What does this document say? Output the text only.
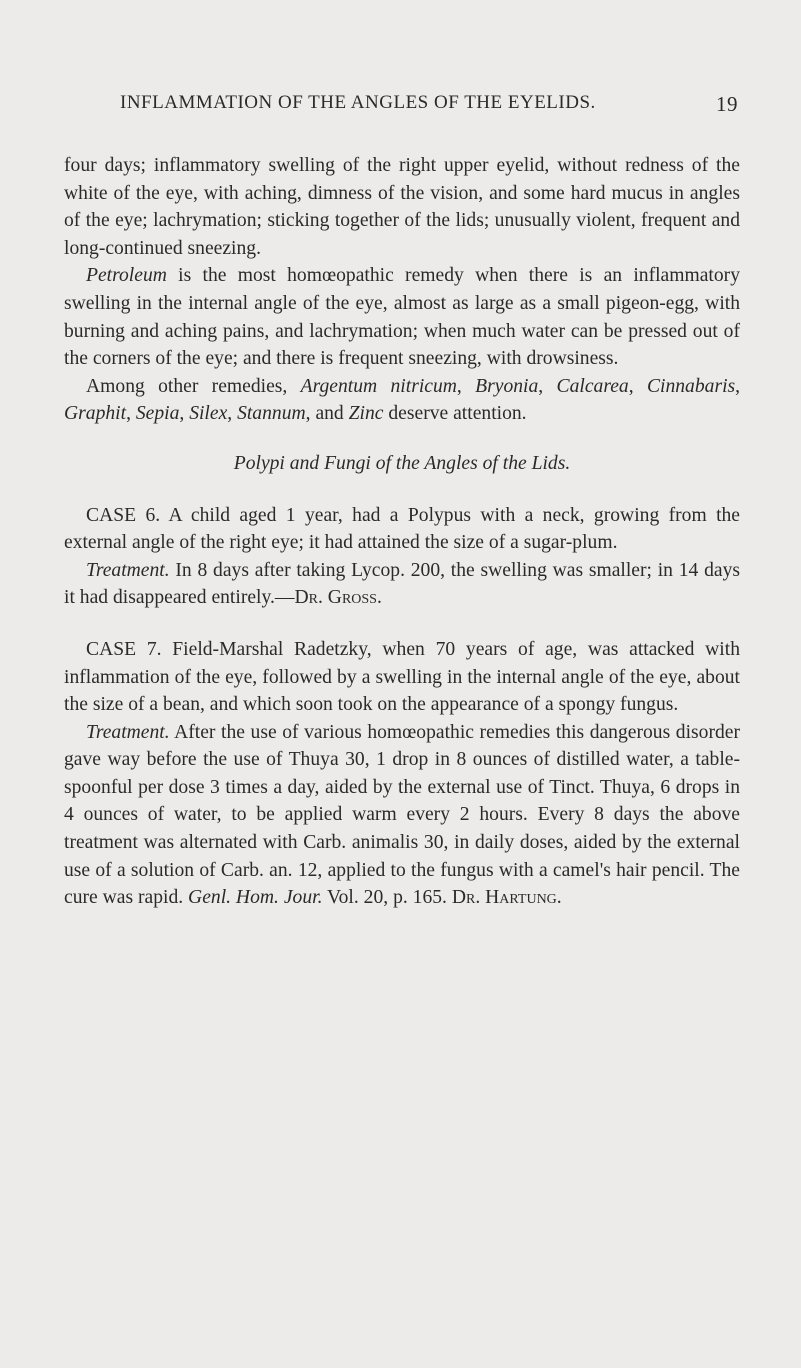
INFLAMMATION OF THE ANGLES OF THE EYELIDS.	19

four days; inflammatory swelling of the right upper eyelid, without redness of the white of the eye, with aching, dimness of the vision, and some hard mucus in angles of the eye; lachrymation; sticking together of the lids; unusually violent, frequent and long-continued sneezing.

Petroleum is the most homœopathic remedy when there is an inflammatory swelling in the internal angle of the eye, almost as large as a small pigeon-egg, with burning and aching pains, and lachrymation; when much water can be pressed out of the corners of the eye; and there is frequent sneezing, with drowsiness.

Among other remedies, Argentum nitricum, Bryonia, Calcarea, Cinnabaris, Graphit, Sepia, Silex, Stannum, and Zinc deserve attention.

Polypi and Fungi of the Angles of the Lids.

CASE 6. A child aged 1 year, had a Polypus with a neck, growing from the external angle of the right eye; it had attained the size of a sugar-plum.

Treatment. In 8 days after taking Lycop. 200, the swelling was smaller; in 14 days it had disappeared entirely.—Dr. Gross.

CASE 7. Field-Marshal Radetzky, when 70 years of age, was attacked with inflammation of the eye, followed by a swelling in the internal angle of the eye, about the size of a bean, and which soon took on the appearance of a spongy fungus.

Treatment. After the use of various homœopathic remedies this dangerous disorder gave way before the use of Thuya 30, 1 drop in 8 ounces of distilled water, a table-spoonful per dose 3 times a day, aided by the external use of Tinct. Thuya, 6 drops in 4 ounces of water, to be applied warm every 2 hours. Every 8 days the above treatment was alternated with Carb. animalis 30, in daily doses, aided by the external use of a solution of Carb. an. 12, applied to the fungus with a camel's hair pencil. The cure was rapid. Genl. Hom. Jour. Vol. 20, p. 165. Dr. Hartung.
